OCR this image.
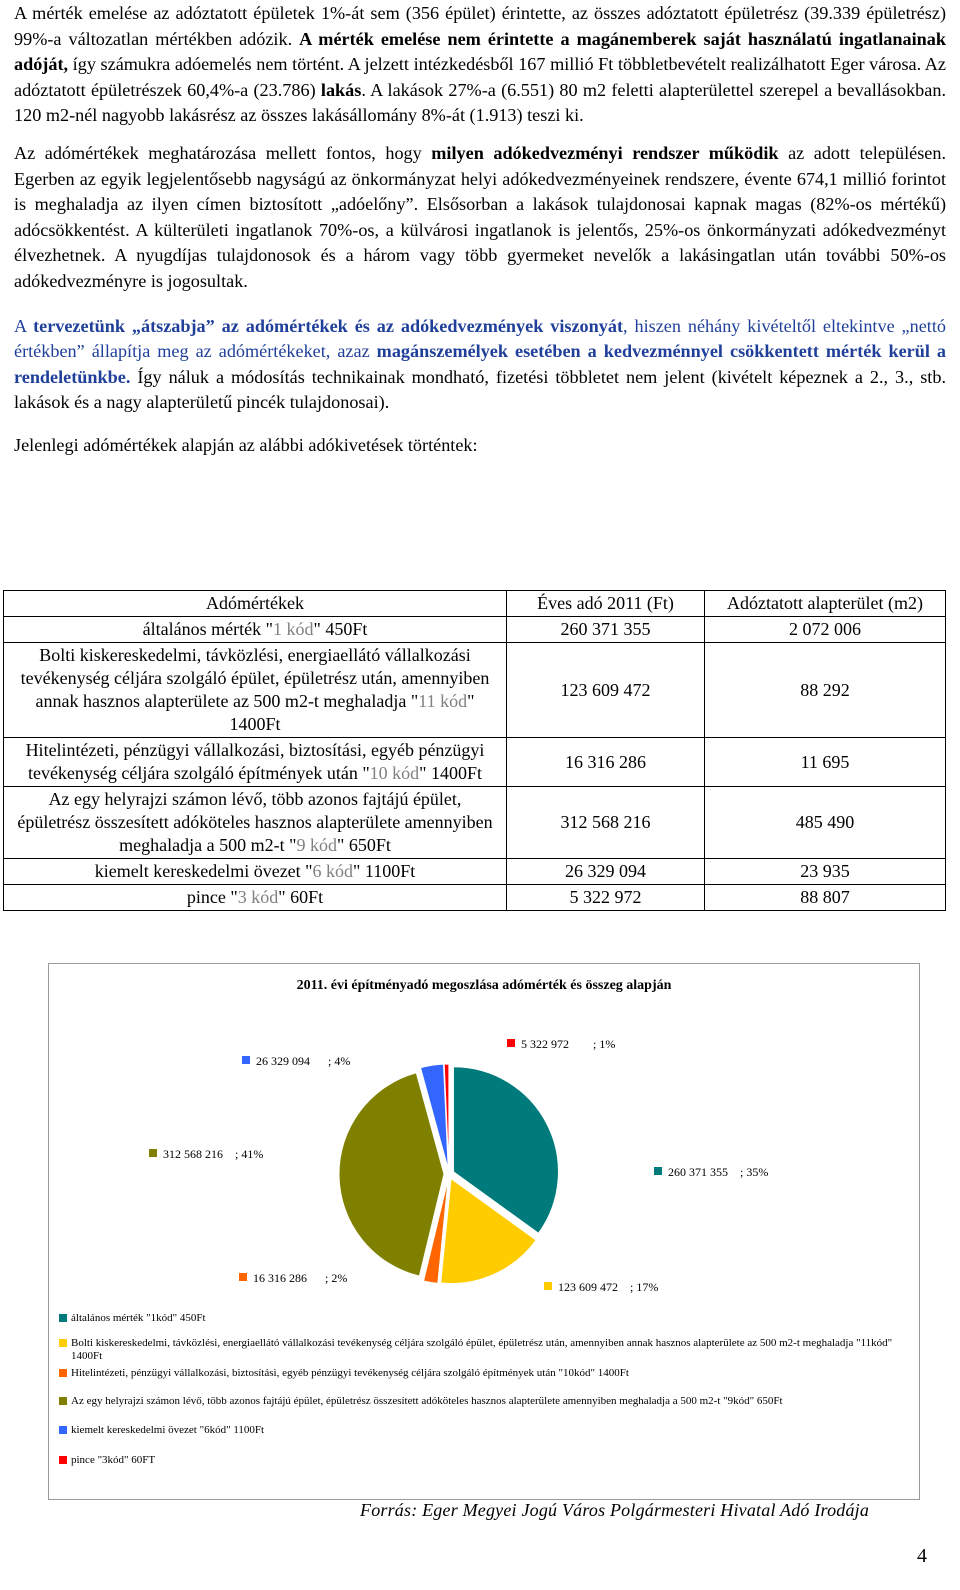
A mérték emelése az adóztatott épületek 1%-át sem (356 épület) érintette, az összes adóztatott épületrész (39.339 épületrész) 99%-a változatlan mértékben adózik. A mérték emelése nem érintette a magánemberek saját használatú ingatlanainak adóját, így számukra adóemelés nem történt. A jelzett intézkedésből 167 millió Ft többletbevételt realizálhatott Eger városa. Az adóztatott épületrészek 60,4%-a (23.786) lakás. A lakások 27%-a (6.551) 80 m2 feletti alapterülettel szerepel a bevallásokban. 120 m2-nél nagyobb lakásrész az összes lakásállomány 8%-át (1.913) teszi ki.

Az adómértékek meghatározása mellett fontos, hogy milyen adókedvezményi rendszer működik az adott településen. Egerben az egyik legjelentősebb nagyságú az önkormányzat helyi adókedvezményeinek rendszere, évente 674,1 millió forintot is meghaladja az ilyen címen biztosított „adóelőny”. Elsősorban a lakások tulajdonosai kapnak magas (82%-os mértékű) adócsökkentést. A külterületi ingatlanok 70%-os, a külvárosi ingatlanok is jelentős, 25%-os önkormányzati adókedvezményt élvezhetnek. A nyugdíjas tulajdonosok és a három vagy több gyermeket nevelők a lakásingatlan után további 50%-os adókedvezményre is jogosultak.

A tervezetünk „átszabja” az adómértékek és az adókedvezmények viszonyát, hiszen néhány kivételtől eltekintve „nettó értékben” állapítja meg az adómértékeket, azaz magánszemélyek esetében a kedvezménnyel csökkentett mérték kerül a rendeletünkbe. Így náluk a módosítás technikainak mondható, fizetési többletet nem jelent (kivételt képeznek a 2., 3., stb. lakások és a nagy alapterületű pincék tulajdonosai).

Jelenlegi adómértékek alapján az alábbi adókivetések történtek:

Adómértékek	Éves adó 2011 (Ft)	Adóztatott alapterület (m2)
általános mérték "1 kód" 450Ft	260 371 355	2 072 006
Bolti kiskereskedelmi, távközlési, energiaellátó vállalkozási tevékenység céljára szolgáló épület, épületrész után, amennyiben annak hasznos alapterülete az 500 m2-t meghaladja "11 kód" 1400Ft	123 609 472	88 292
Hitelintézeti, pénzügyi vállalkozási, biztosítási, egyéb pénzügyi tevékenység céljára szolgáló építmények után "10 kód" 1400Ft	16 316 286	11 695
Az egy helyrajzi számon lévő, több azonos fajtájú épület, épületrész összesített adóköteles hasznos alapterülete amennyiben meghaladja a 500 m2-t "9 kód" 650Ft	312 568 216	485 490
kiemelt kereskedelmi övezet "6 kód" 1100Ft	26 329 094	23 935
pince "3 kód" 60Ft	5 322 972	88 807
2011. évi építményadó megoszlása adómérték és összeg alapján
260 371 355 ; 35%
123 609 472 ; 17%
16 316 286 ; 2%
312 568 216 ; 41%
26 329 094 ; 4%
5 322 972 ; 1%
általános mérték "1kód" 450Ft
Bolti kiskereskedelmi, távközlési, energiaellátó vállalkozási tevékenység céljára szolgáló épület, épületrész után, amennyiben annak hasznos alapterülete az 500 m2-t meghaladja "11kód" 1400Ft
Hitelintézeti, pénzügyi vállalkozási, biztosítási, egyéb pénzügyi tevékenység céljára szolgáló építmények után "10kód" 1400Ft
Az egy helyrajzi számon lévő, több azonos fajtájú épület, épületrész összesített adóköteles hasznos alapterülete amennyiben meghaladja a 500 m2-t "9kód" 650Ft
kiemelt kereskedelmi övezet "6kód" 1100Ft
pince "3kód" 60FT
Forrás: Eger Megyei Jogú Város Polgármesteri Hivatal Adó Irodája
4
